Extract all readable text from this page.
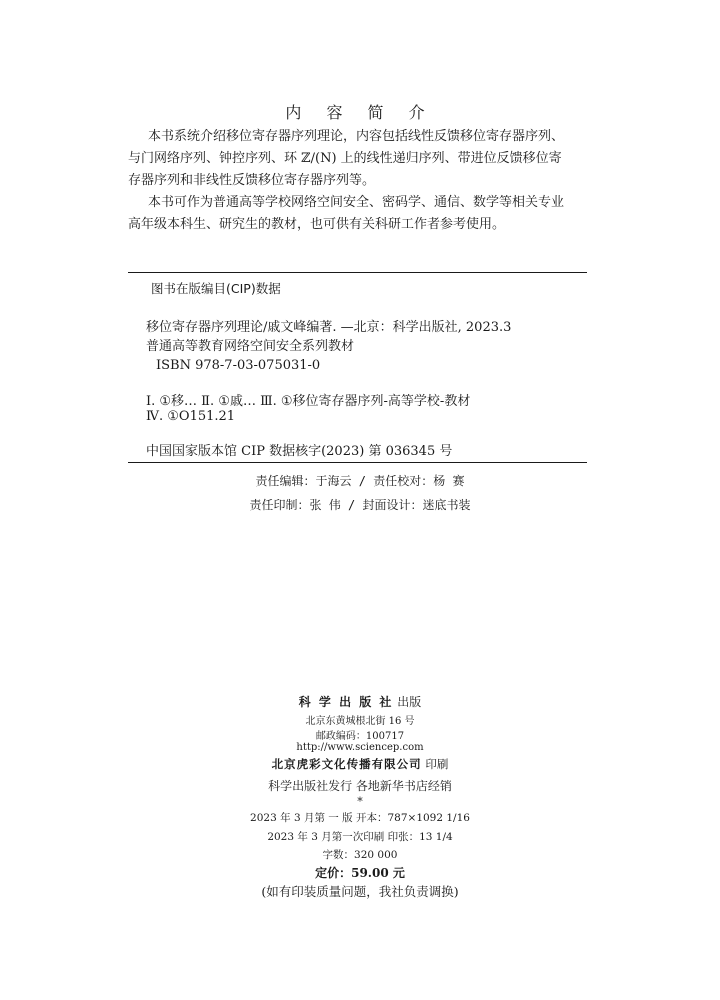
内 容 简 介
本书系统介绍移位寄存器序列理论，内容包括线性反馈移位寄存器序列、
与门网络序列、钟控序列、环 ℤ/(N) 上的线性递归序列、带进位反馈移位寄
存器序列和非线性反馈移位寄存器序列等。
本书可作为普通高等学校网络空间安全、密码学、通信、数学等相关专业
高年级本科生、研究生的教材，也可供有关科研工作者参考使用。
图书在版编目(CIP)数据
移位寄存器序列理论/戚文峰编著. —北京：科学出版社, 2023.3
普通高等教育网络空间安全系列教材
ISBN 978-7-03-075031-0
Ⅰ. ①移… Ⅱ. ①戚… Ⅲ. ①移位寄存器序列-高等学校-教材
Ⅳ. ①O151.21
中国国家版本馆 CIP 数据核字(2023) 第 036345 号
责任编辑：于海云 / 责任校对：杨 赛
责任印制：张 伟 / 封面设计：迷底书装
科 学 出 版 社 出版
北京东黄城根北街 16 号
邮政编码：100717
http://www.sciencep.com
北京虎彩文化传播有限公司 印刷
科学出版社发行 各地新华书店经销
*
2023 年 3 月第 一 版 开本：787×1092 1/16
2023 年 3 月第一次印刷 印张：13 1/4
字数：320 000
定价：59.00 元
(如有印装质量问题，我社负责调换)
